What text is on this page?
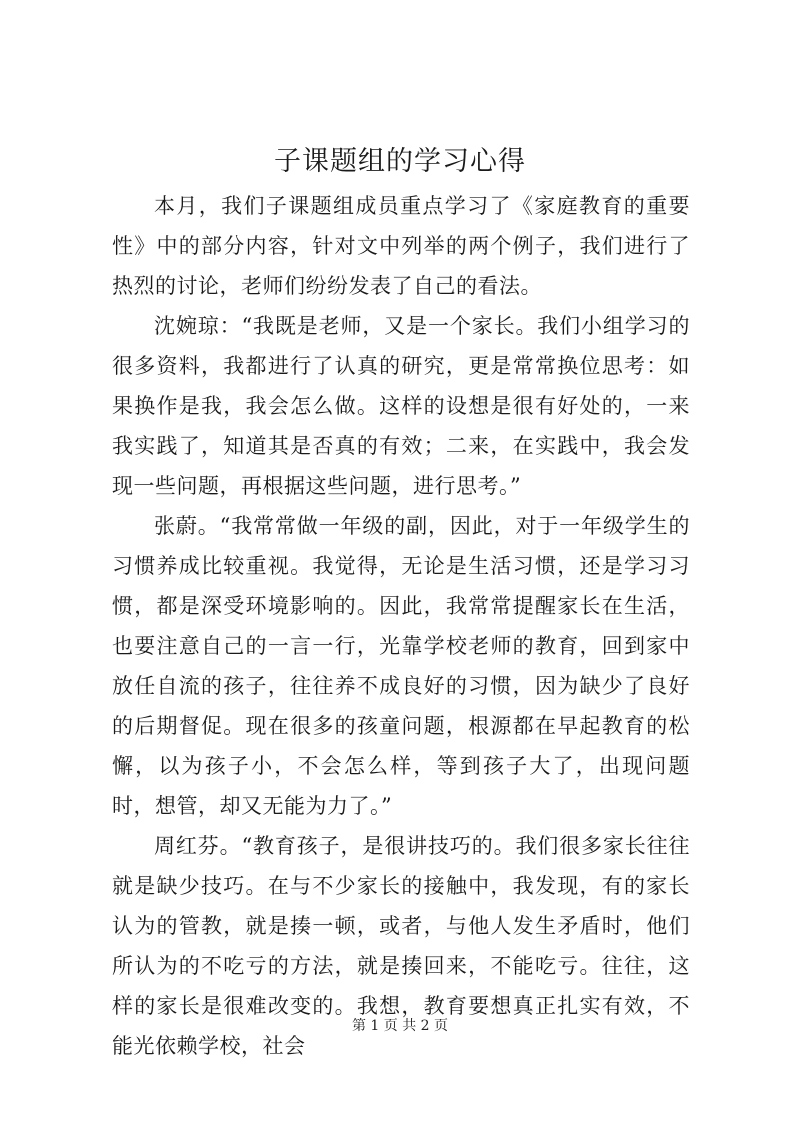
子课题组的学习心得

本月，我们子课题组成员重点学习了《家庭教育的重要性》中的部分内容，针对文中列举的两个例子，我们进行了热烈的讨论，老师们纷纷发表了自己的看法。

沈婉琼：“我既是老师，又是一个家长。我们小组学习的很多资料，我都进行了认真的研究，更是常常换位思考：如果换作是我，我会怎么做。这样的设想是很有好处的，一来我实践了，知道其是否真的有效；二来，在实践中，我会发现一些问题，再根据这些问题，进行思考。”

张蔚。“我常常做一年级的副，因此，对于一年级学生的习惯养成比较重视。我觉得，无论是生活习惯，还是学习习惯，都是深受环境影响的。因此，我常常提醒家长在生活，也要注意自己的一言一行，光靠学校老师的教育，回到家中放任自流的孩子，往往养不成良好的习惯，因为缺少了良好的后期督促。现在很多的孩童问题，根源都在早起教育的松懈，以为孩子小，不会怎么样，等到孩子大了，出现问题时，想管，却又无能为力了。”

周红芬。“教育孩子，是很讲技巧的。我们很多家长往往就是缺少技巧。在与不少家长的接触中，我发现，有的家长认为的管教，就是揍一顿，或者，与他人发生矛盾时，他们所认为的不吃亏的方法，就是揍回来，不能吃亏。往往，这样的家长是很难改变的。我想，教育要想真正扎实有效，不能光依赖学校，社会

第 1 页 共 2 页
